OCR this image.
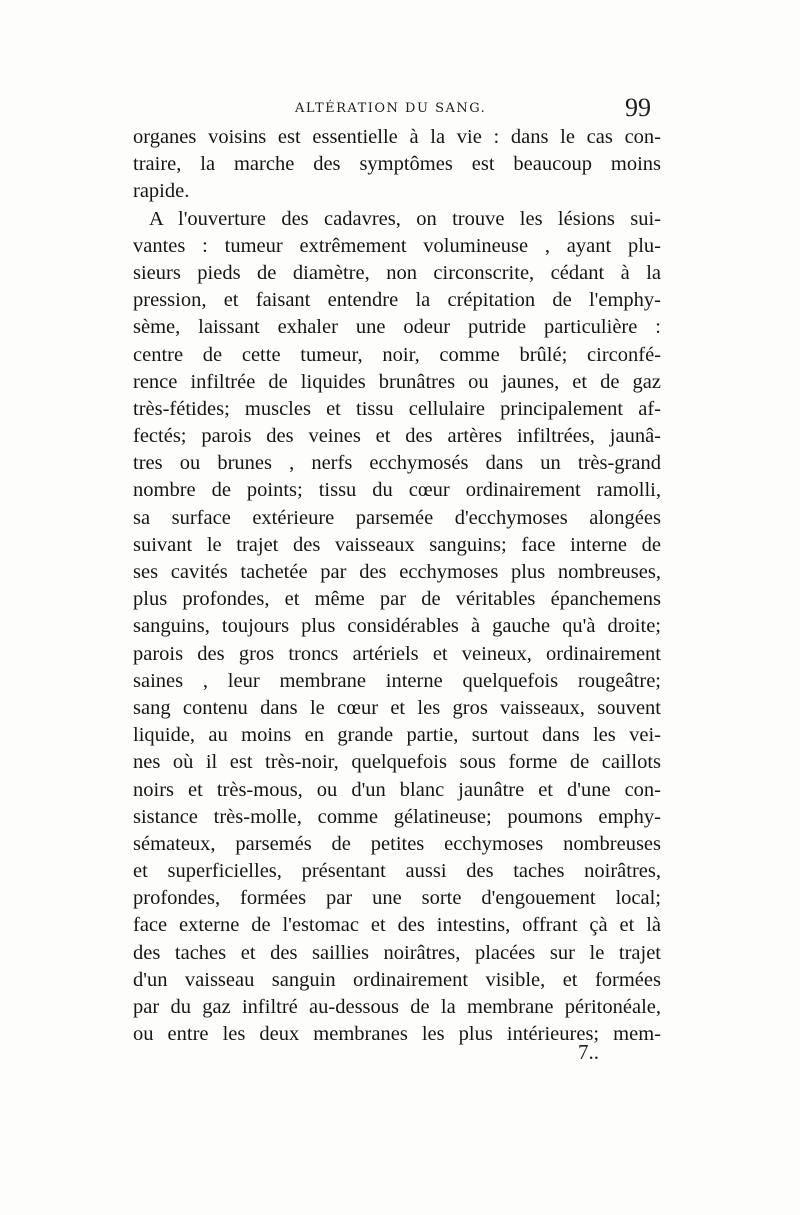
ALTÉRATION DU SANG.	99
organes voisins est essentielle à la vie : dans le cas con-
traire, la marche des symptômes est beaucoup moins
rapide.
A l'ouverture des cadavres, on trouve les lésions sui-
vantes : tumeur extrêmement volumineuse , ayant plu-
sieurs pieds de diamètre, non circonscrite, cédant à la
pression, et faisant entendre la crépitation de l'emphy-
sème, laissant exhaler une odeur putride particulière :
centre de cette tumeur, noir, comme brûlé; circonfé-
rence infiltrée de liquides brunâtres ou jaunes, et de gaz
très-fétides; muscles et tissu cellulaire principalement af-
fectés; parois des veines et des artères infiltrées, jaunâ-
tres ou brunes , nerfs ecchymosés dans un très-grand
nombre de points; tissu du cœur ordinairement ramolli,
sa surface extérieure parsemée d'ecchymoses alongées
suivant le trajet des vaisseaux sanguins; face interne de
ses cavités tachetée par des ecchymoses plus nombreuses,
plus profondes, et même par de véritables épanchemens
sanguins, toujours plus considérables à gauche qu'à droite;
parois des gros troncs artériels et veineux, ordinairement
saines , leur membrane interne quelquefois rougeâtre;
sang contenu dans le cœur et les gros vaisseaux, souvent
liquide, au moins en grande partie, surtout dans les vei-
nes où il est très-noir, quelquefois sous forme de caillots
noirs et très-mous, ou d'un blanc jaunâtre et d'une con-
sistance très-molle, comme gélatineuse; poumons emphy-
sémateux, parsemés de petites ecchymoses nombreuses
et superficielles, présentant aussi des taches noirâtres,
profondes, formées par une sorte d'engouement local;
face externe de l'estomac et des intestins, offrant çà et là
des taches et des saillies noirâtres, placées sur le trajet
d'un vaisseau sanguin ordinairement visible, et formées
par du gaz infiltré au-dessous de la membrane péritonéale,
ou entre les deux membranes les plus intérieures; mem-
7..
